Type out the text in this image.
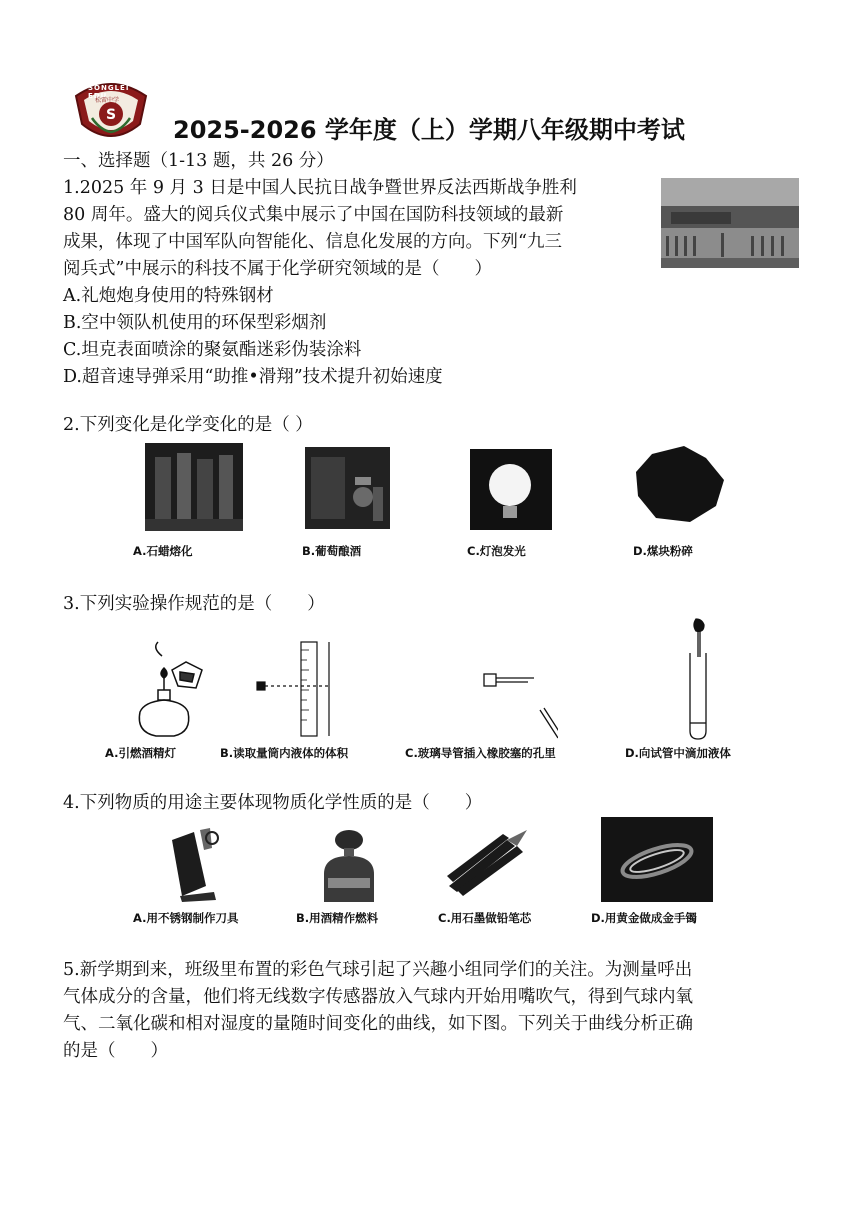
S
SONGLEI EDU
松雷中学
2025-2026 学年度（上）学期八年级期中考试
一、选择题（1-13 题，共 26 分）
1.2025 年 9 月 3 日是中国人民抗日战争暨世界反法西斯战争胜利
80 周年。盛大的阅兵仪式集中展示了中国在国防科技领域的最新
成果，体现了中国军队向智能化、信息化发展的方向。下列“九三
阅兵式”中展示的科技不属于化学研究领域的是（　　）
A.礼炮炮身使用的特殊钢材
B.空中领队机使用的环保型彩烟剂
C.坦克表面喷涂的聚氨酯迷彩伪装涂料
D.超音速导弹采用“助推•滑翔”技术提升初始速度
2.下列变化是化学变化的是（ ）
A.石蜡熔化	B.葡萄酿酒	C.灯泡发光	D.煤块粉碎
3.下列实验操作规范的是（　　）
A.引燃酒精灯	B.读取量筒内液体的体积	C.玻璃导管插入橡胶塞的孔里	D.向试管中滴加液体
4.下列物质的用途主要体现物质化学性质的是（　　）
A.用不锈钢制作刀具	B.用酒精作燃料	C.用石墨做铅笔芯	D.用黄金做成金手镯
5.新学期到来，班级里布置的彩色气球引起了兴趣小组同学们的关注。为测量呼出
气体成分的含量，他们将无线数字传感器放入气球内开始用嘴吹气，得到气球内氧
气、二氧化碳和相对湿度的量随时间变化的曲线，如下图。下列关于曲线分析正确
的是（　　）
